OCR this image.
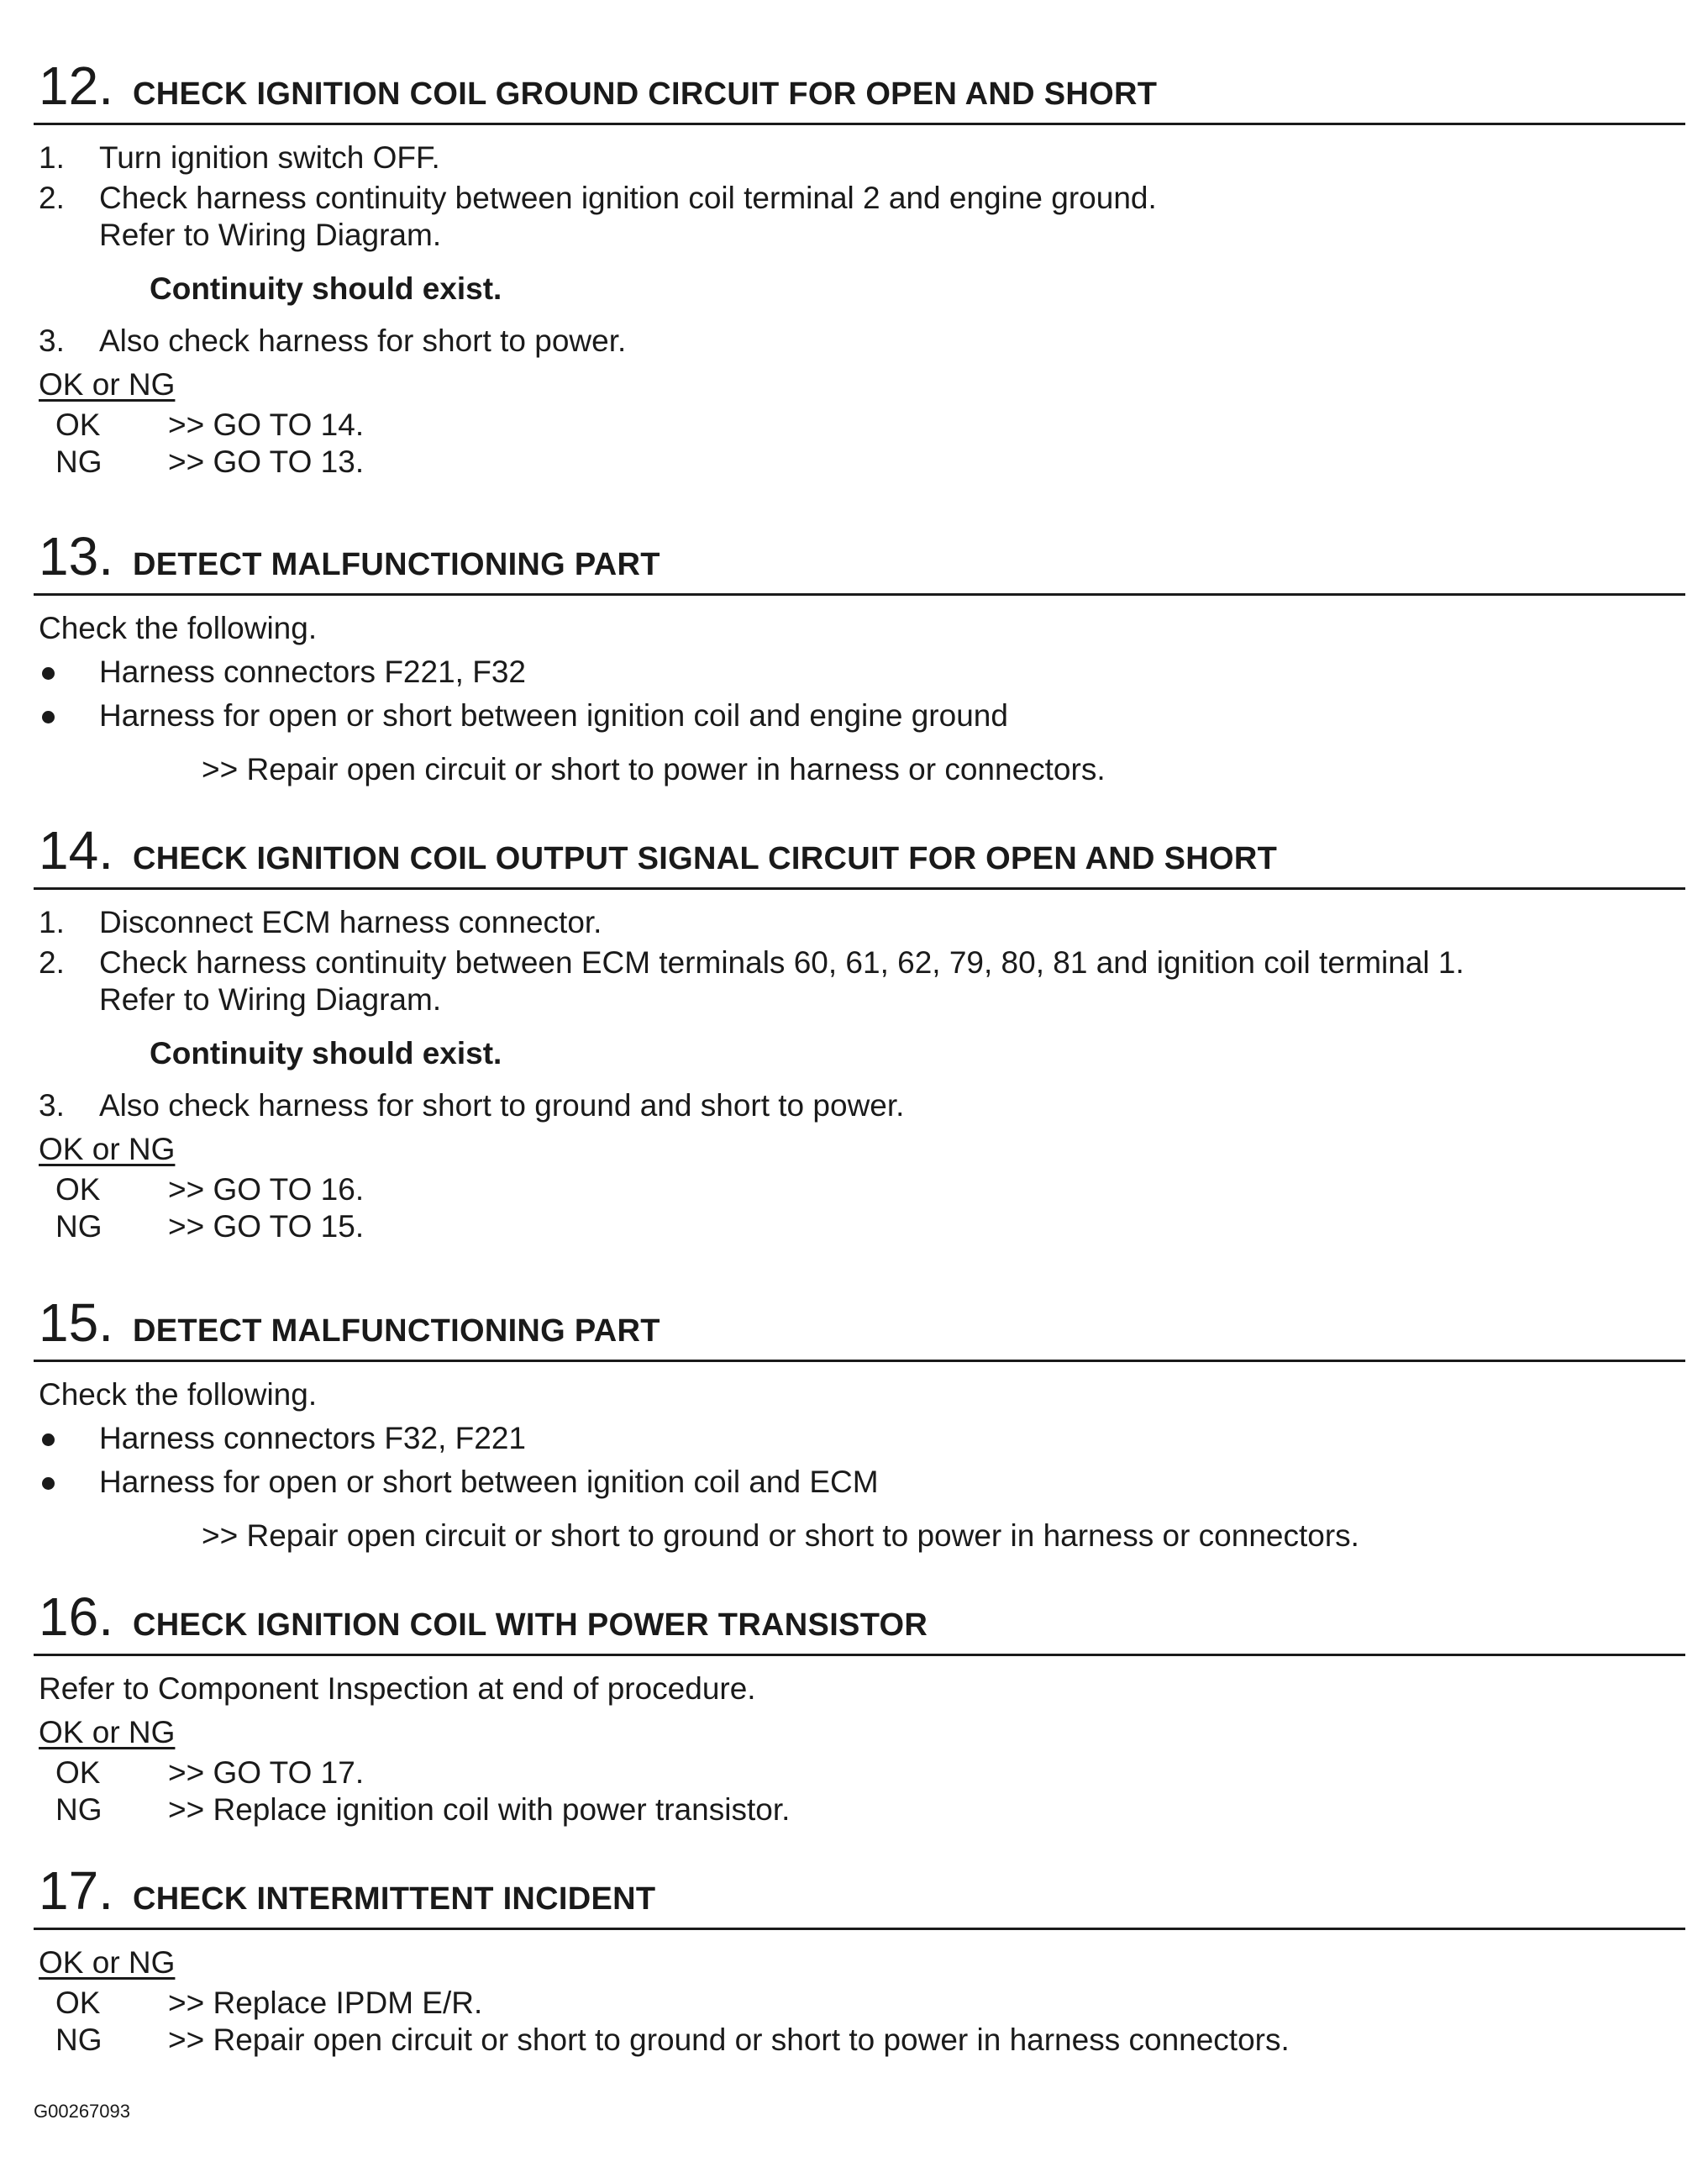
12. CHECK IGNITION COIL GROUND CIRCUIT FOR OPEN AND SHORT
1. Turn ignition switch OFF.
2. Check harness continuity between ignition coil terminal 2 and engine ground.
Refer to Wiring Diagram.
Continuity should exist.
3. Also check harness for short to power.
OK or NG
OK >> GO TO 14.
NG >> GO TO 13.
13. DETECT MALFUNCTIONING PART
Check the following.
Harness connectors F221, F32
Harness for open or short between ignition coil and engine ground
>> Repair open circuit or short to power in harness or connectors.
14. CHECK IGNITION COIL OUTPUT SIGNAL CIRCUIT FOR OPEN AND SHORT
1. Disconnect ECM harness connector.
2. Check harness continuity between ECM terminals 60, 61, 62, 79, 80, 81 and ignition coil terminal 1.
Refer to Wiring Diagram.
Continuity should exist.
3. Also check harness for short to ground and short to power.
OK or NG
OK >> GO TO 16.
NG >> GO TO 15.
15. DETECT MALFUNCTIONING PART
Check the following.
Harness connectors F32, F221
Harness for open or short between ignition coil and ECM
>> Repair open circuit or short to ground or short to power in harness or connectors.
16. CHECK IGNITION COIL WITH POWER TRANSISTOR
Refer to Component Inspection at end of procedure.
OK or NG
OK >> GO TO 17.
NG >> Replace ignition coil with power transistor.
17. CHECK INTERMITTENT INCIDENT
OK or NG
OK >> Replace IPDM E/R.
NG >> Repair open circuit or short to ground or short to power in harness connectors.
G00267093
